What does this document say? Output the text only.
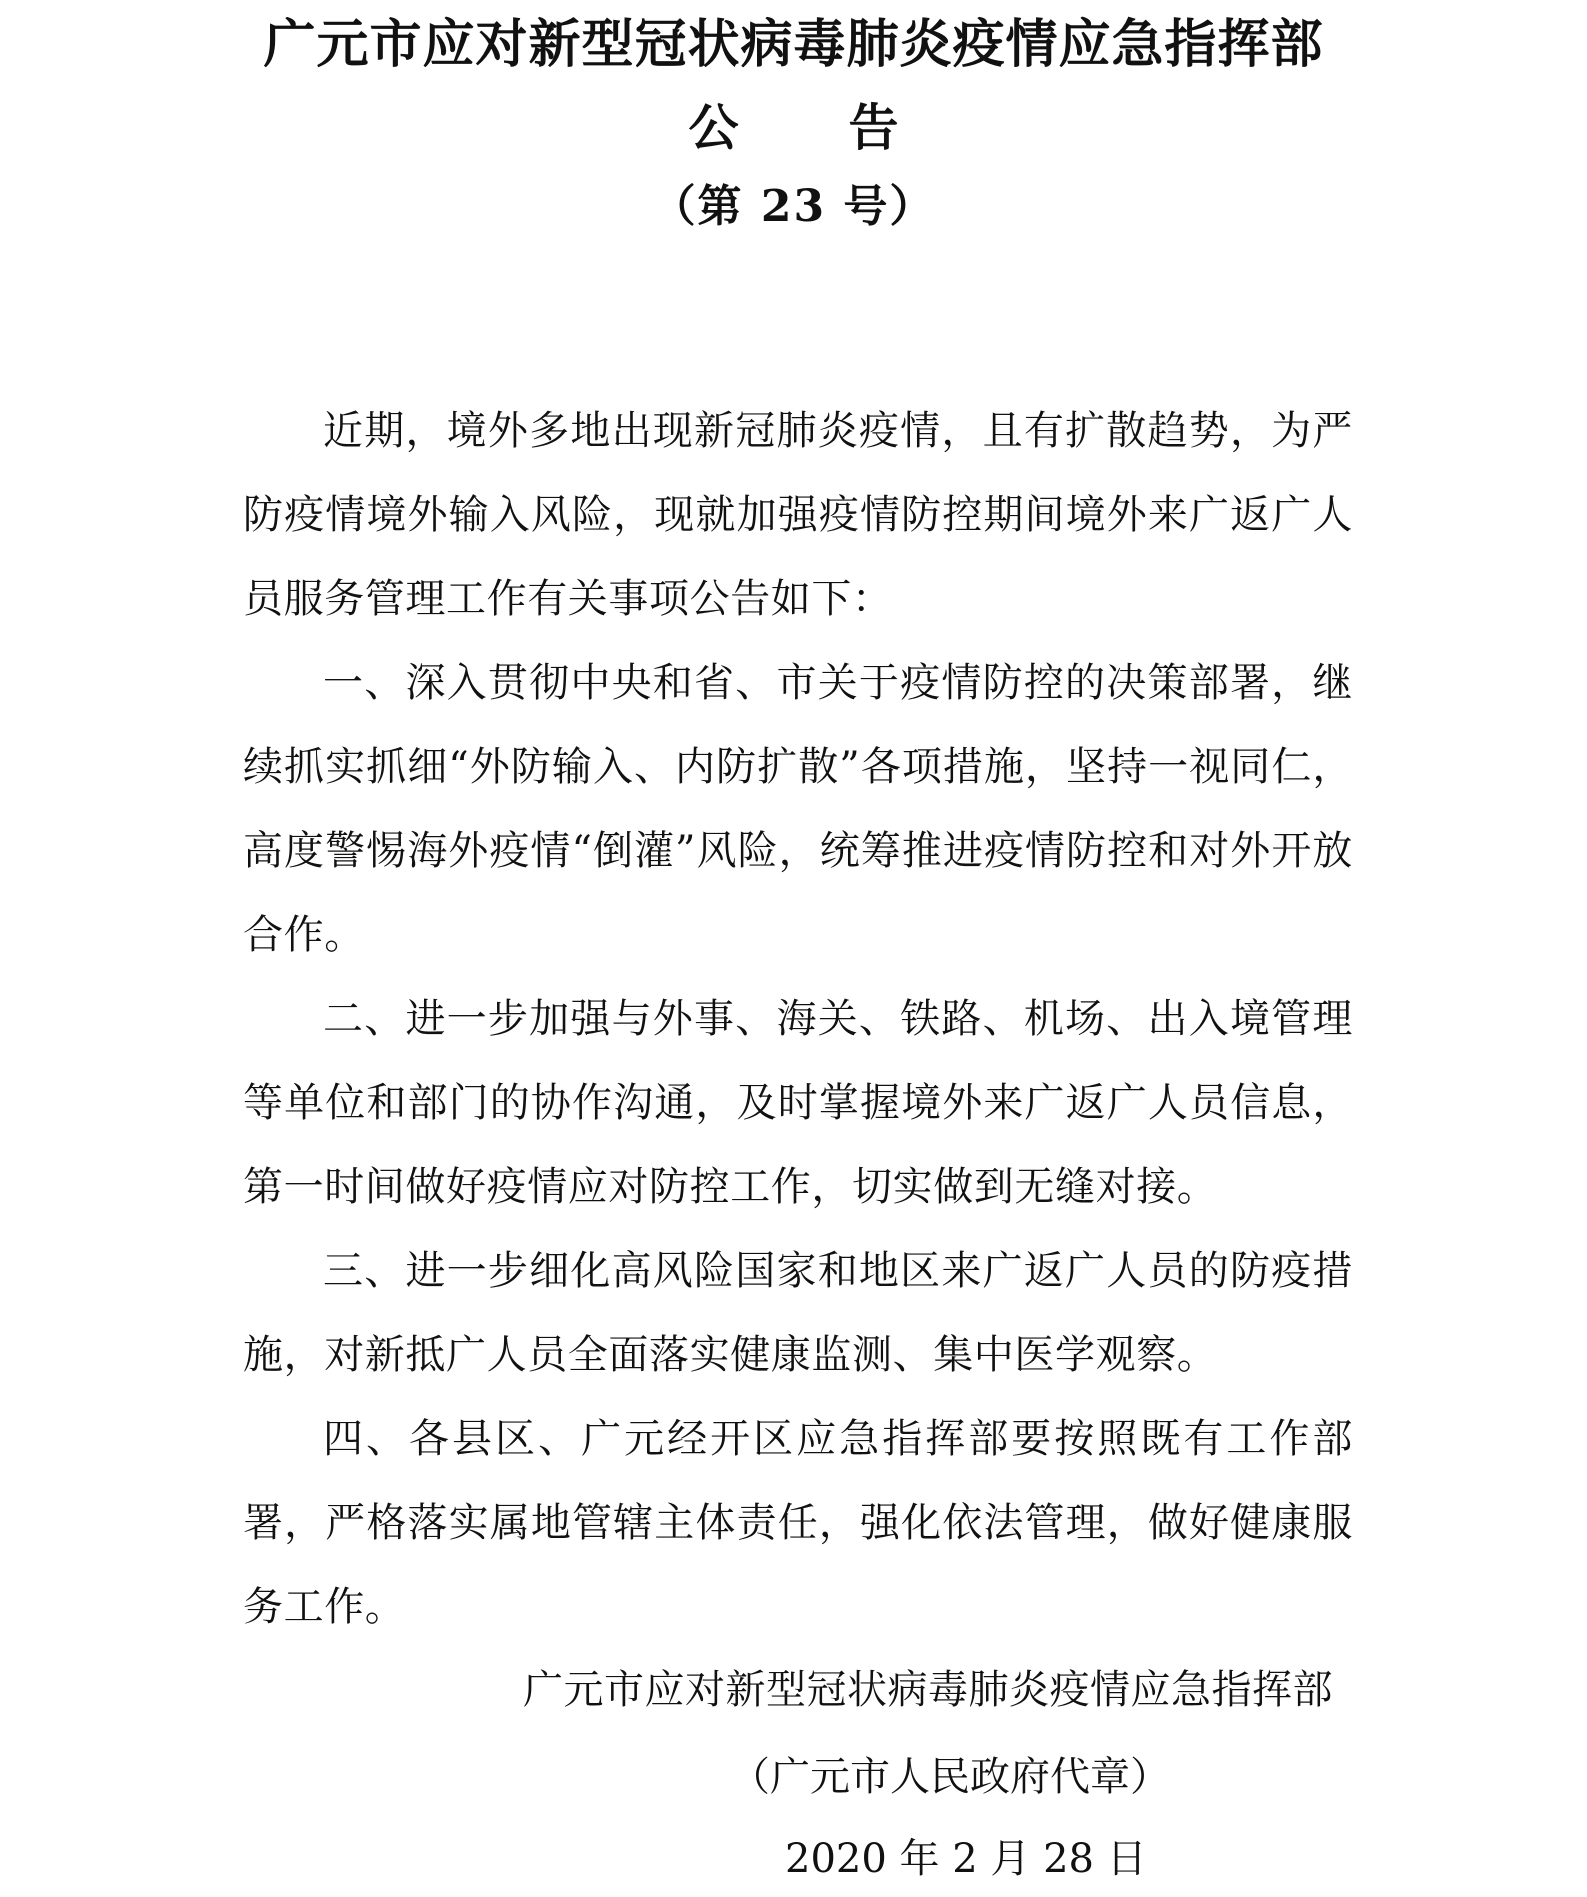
广元市应对新型冠状病毒肺炎疫情应急指挥部
公告
（第 23 号）

近期，境外多地出现新冠肺炎疫情，且有扩散趋势，为严防疫情境外输入风险，现就加强疫情防控期间境外来广返广人员服务管理工作有关事项公告如下：

一、深入贯彻中央和省、市关于疫情防控的决策部署，继续抓实抓细“外防输入、内防扩散”各项措施，坚持一视同仁，高度警惕海外疫情“倒灌”风险，统筹推进疫情防控和对外开放合作。

二、进一步加强与外事、海关、铁路、机场、出入境管理等单位和部门的协作沟通，及时掌握境外来广返广人员信息，第一时间做好疫情应对防控工作，切实做到无缝对接。

三、进一步细化高风险国家和地区来广返广人员的防疫措施，对新抵广人员全面落实健康监测、集中医学观察。

四、各县区、广元经开区应急指挥部要按照既有工作部署，严格落实属地管辖主体责任，强化依法管理，做好健康服务工作。

广元市应对新型冠状病毒肺炎疫情应急指挥部
（广元市人民政府代章）
2020 年 2 月 28 日
